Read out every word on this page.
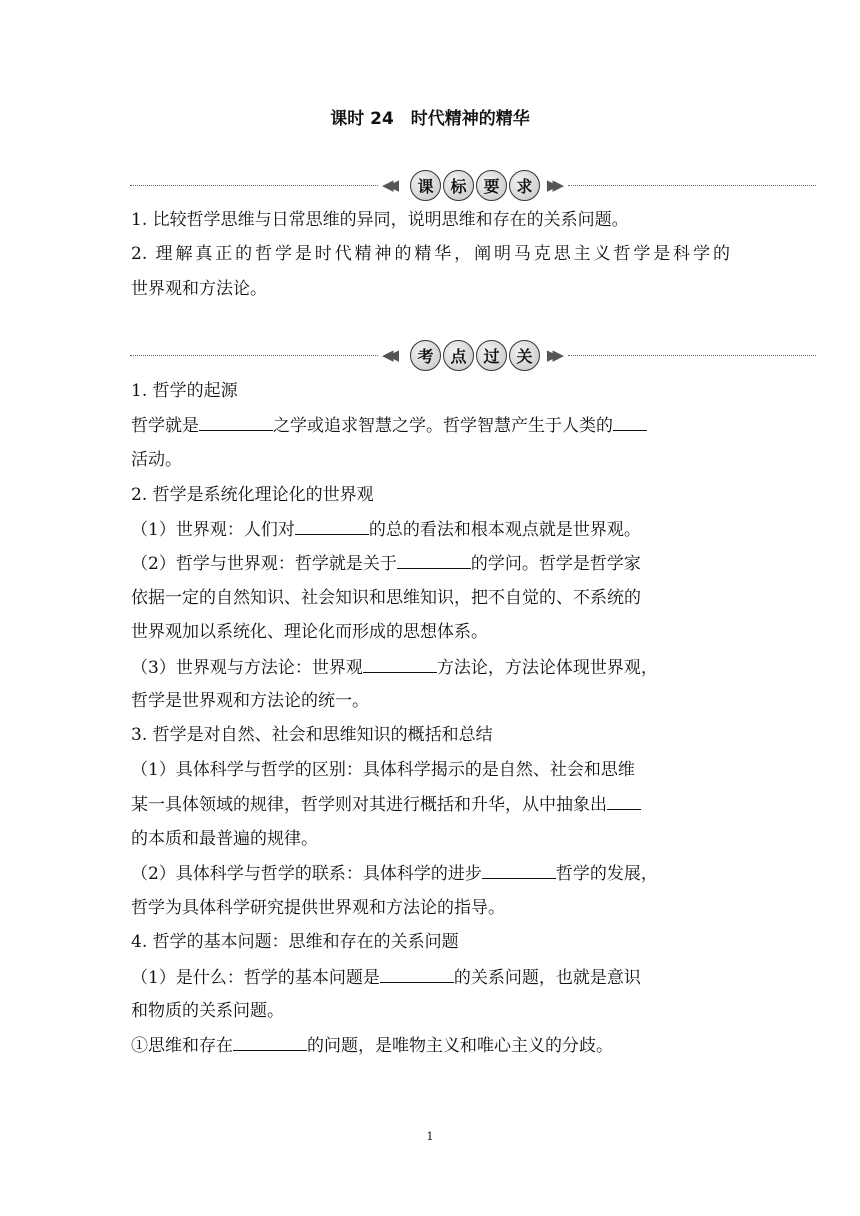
课时 24　时代精神的精华
◀◀	课	标	要	求 ▶▶
1. 比较哲学思维与日常思维的异同，说明思维和存在的关系问题。
2. 理解真正的哲学是时代精神的精华，阐明马克思主义哲学是科学的
世界观和方法论。
◀◀	考	点	过	关 ▶▶
1. 哲学的起源
哲学就是	之学或追求智慧之学。哲学智慧产生于人类的
活动。
2. 哲学是系统化理论化的世界观
（1）世界观：人们对	的总的看法和根本观点就是世界观。
（2）哲学与世界观：哲学就是关于	的学问。哲学是哲学家
依据一定的自然知识、社会知识和思维知识，把不自觉的、不系统的
世界观加以系统化、理论化而形成的思想体系。
（3）世界观与方法论：世界观	方法论，方法论体现世界观，
哲学是世界观和方法论的统一。
3. 哲学是对自然、社会和思维知识的概括和总结
（1）具体科学与哲学的区别：具体科学揭示的是自然、社会和思维
某一具体领域的规律，哲学则对其进行概括和升华，从中抽象出
的本质和最普遍的规律。
（2）具体科学与哲学的联系：具体科学的进步	哲学的发展，
哲学为具体科学研究提供世界观和方法论的指导。
4. 哲学的基本问题：思维和存在的关系问题
（1）是什么：哲学的基本问题是	的关系问题，也就是意识
和物质的关系问题。
①思维和存在	的问题，是唯物主义和唯心主义的分歧。
1
